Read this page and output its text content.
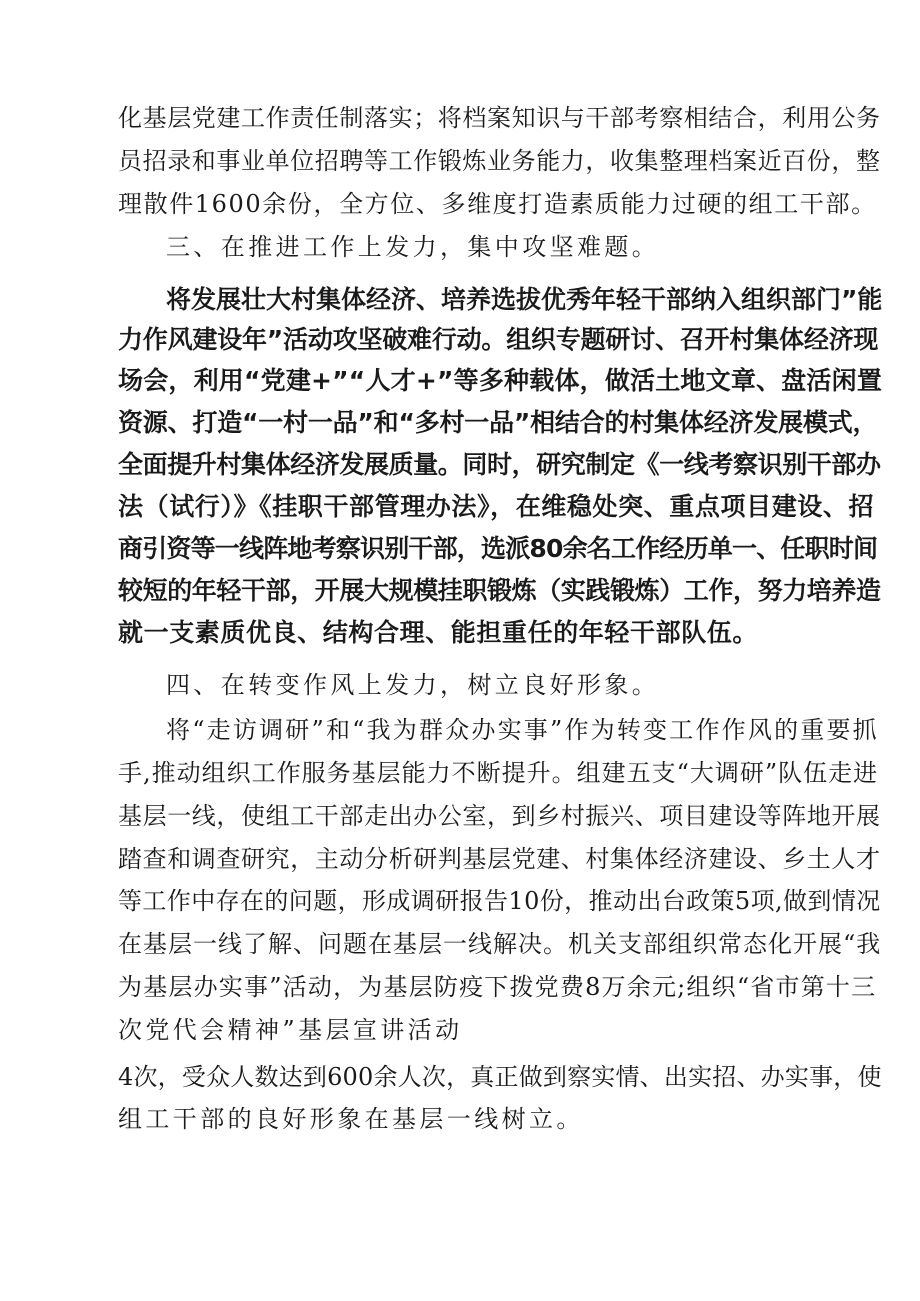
化基层党建工作责任制落实；将档案知识与干部考察相结合，利用公务
员招录和事业单位招聘等工作锻炼业务能力，收集整理档案近百份，整
理散件1600余份，全方位、多维度打造素质能力过硬的组工干部。
三、在推进工作上发力，集中攻坚难题。
将发展壮大村集体经济、培养选拔优秀年轻干部纳入组织部门”能
力作风建设年”活动攻坚破难行动。组织专题研讨、召开村集体经济现
场会，利用“党建+”“人才+”等多种载体，做活土地文章、盘活闲置
资源、打造“一村一品”和“多村一品”相结合的村集体经济发展模式，
全面提升村集体经济发展质量。同时，研究制定《一线考察识别干部办
法（试行）》《挂职干部管理办法》，在维稳处突、重点项目建设、招
商引资等一线阵地考察识别干部，选派80余名工作经历单一、任职时间
较短的年轻干部，开展大规模挂职锻炼（实践锻炼）工作，努力培养造
就一支素质优良、结构合理、能担重任的年轻干部队伍。
四、在转变作风上发力，树立良好形象。
将“走访调研”和“我为群众办实事”作为转变工作作风的重要抓
手,推动组织工作服务基层能力不断提升。组建五支“大调研”队伍走进
基层一线，使组工干部走出办公室，到乡村振兴、项目建设等阵地开展
踏查和调查研究，主动分析研判基层党建、村集体经济建设、乡土人才
等工作中存在的问题，形成调研报告10份，推动出台政策5项,做到情况
在基层一线了解、问题在基层一线解决。机关支部组织常态化开展“我
为基层办实事”活动，为基层防疫下拨党费8万余元;组织“省市第十三
次党代会精神”基层宣讲活动
4次，受众人数达到600余人次，真正做到察实情、出实招、办实事，使
组工干部的良好形象在基层一线树立。
